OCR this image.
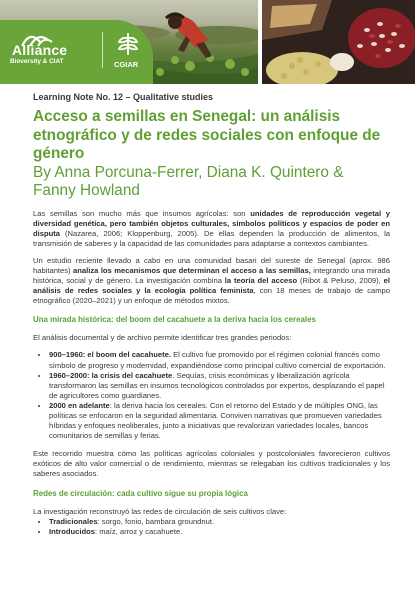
Alliance
Bioversity & CIAT	CGIAR
Learning Note No. 12 – Qualitative studies
Acceso a semillas en Senegal: un análisis etnográfico y de redes sociales con enfoque de género
By Anna Porcuna-Ferrer, Diana K. Quintero & Fanny Howland

Las semillas son mucho más que insumos agrícolas: son unidades de reproducción vegetal y diversidad genética, pero también objetos culturales, símbolos políticos y espacios de poder en disputa (Nazarea, 2006; Kloppenburg, 2005). De ellas dependen la producción de alimentos, la transmisión de saberes y la capacidad de las comunidades para adaptarse a contextos cambiantes.

Un estudio reciente llevado a cabo en una comunidad basari del sureste de Senegal (aprox. 986 habitantes) analiza los mecanismos que determinan el acceso a las semillas, integrando una mirada histórica, social y de género. La investigación combina la teoría del acceso (Ribot & Peluso, 2009), el análisis de redes sociales y la ecología política feminista, con 18 meses de trabajo de campo etnográfico (2020–2021) y un enfoque de métodos mixtos.

Una mirada histórica: del boom del cacahuete a la deriva hacia los cereales

El análisis documental y de archivo permite identificar tres grandes periodos:

• 900–1960: el boom del cacahuete. El cultivo fue promovido por el régimen colonial francés como símbolo de progreso y modernidad, expandiéndose como principal cultivo comercial de exportación.
• 1960–2000: la crisis del cacahuete. Sequías, crisis económicas y liberalización agrícola transformaron las semillas en insumos tecnológicos controlados por expertos, desplazando el papel de agricultores como guardianes.
• 2000 en adelante: la deriva hacia los cereales. Con el retorno del Estado y de múltiples ONG, las políticas se enfocaron en la seguridad alimentaria. Conviven narrativas que promueven variedades híbridas y enfoques neoliberales, junto a iniciativas que revalorizan variedades locales, bancos comunitarios de semillas y ferias.

Este recorrido muestra cómo las políticas agrícolas coloniales y postcoloniales favorecieron cultivos exóticos de alto valor comercial o de rendimiento, mientras se relegaban los cultivos tradicionales y los saberes asociados.

Redes de circulación: cada cultivo sigue su propia lógica

La investigación reconstruyó las redes de circulación de seis cultivos clave:

• Tradicionales: sorgo, fonio, bambara groundnut.
• Introducidos: maíz, arroz y cacahuete.
